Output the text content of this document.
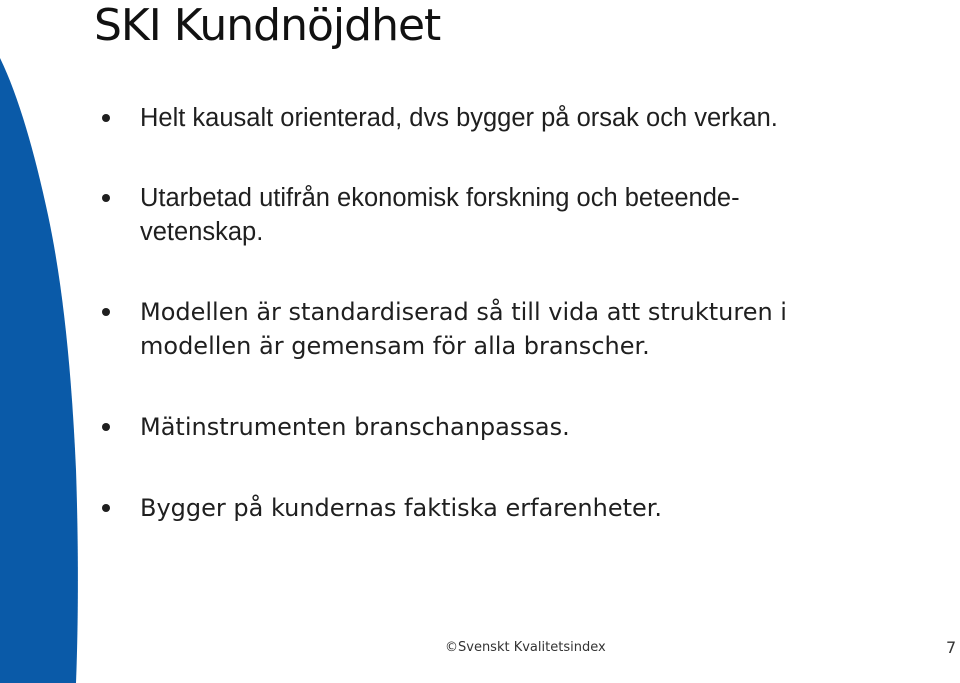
SKI Kundnöjdhet
Helt kausalt orienterad, dvs bygger på orsak och verkan.
Utarbetad utifrån ekonomisk forskning och beteende-
vetenskap.
Modellen är standardiserad så till vida att strukturen i
modellen är gemensam för alla branscher.
Mätinstrumenten branschanpassas.
Bygger på kundernas faktiska erfarenheter.
©Svenskt Kvalitetsindex	7
